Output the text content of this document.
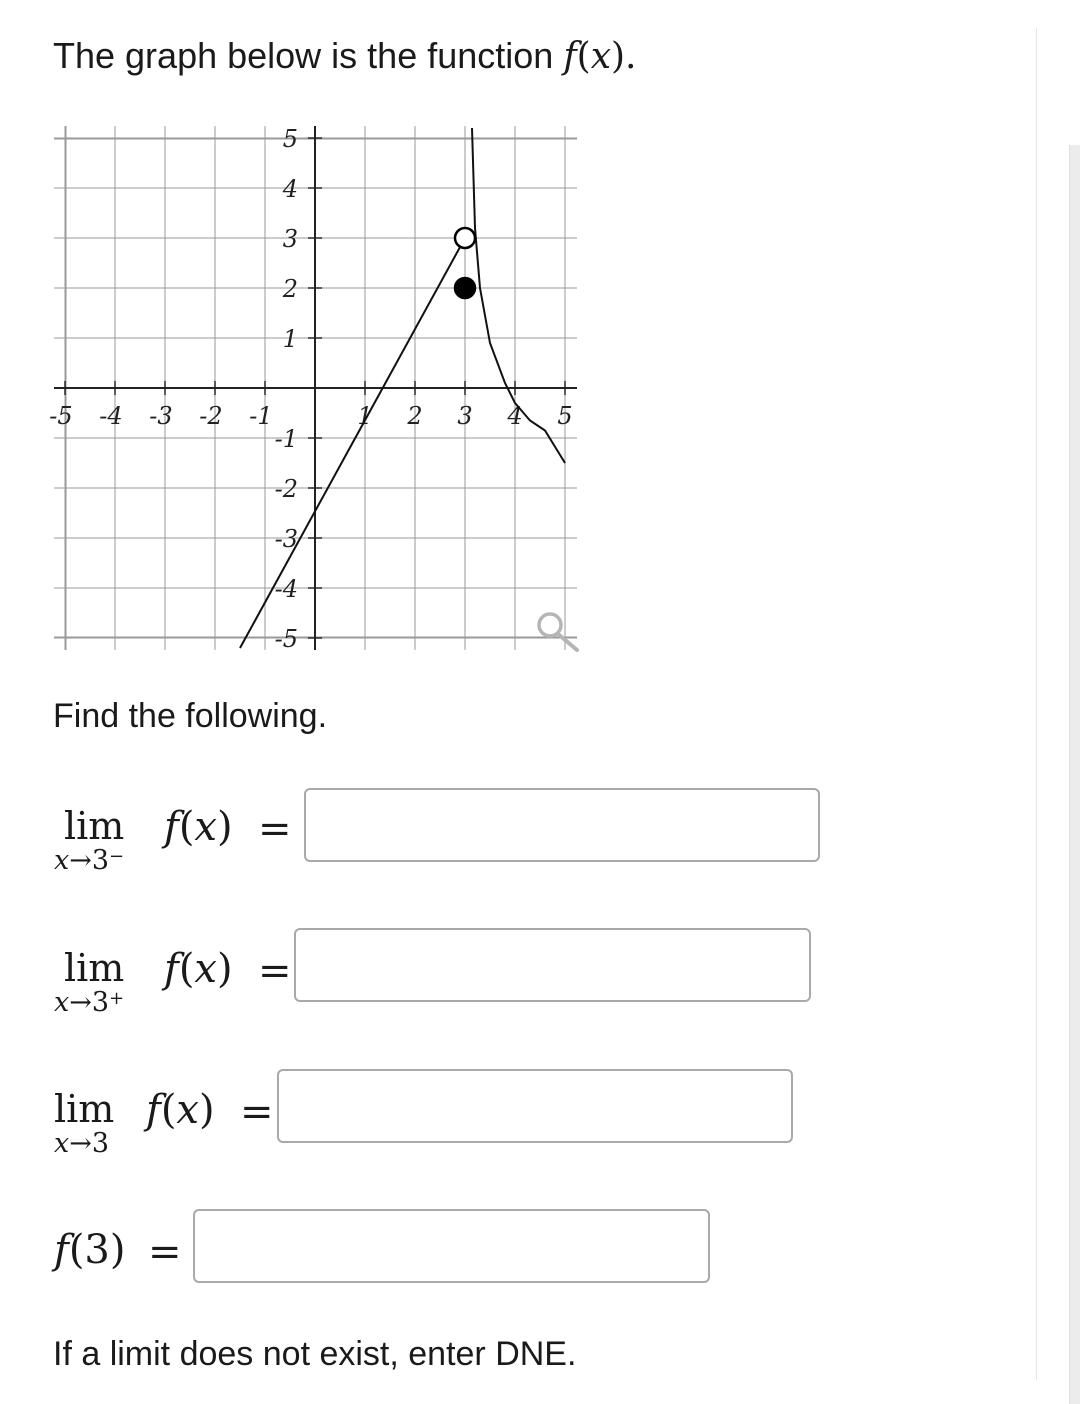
The graph below is the function f(x).
-5 -4 -3 -2 -1	1 2 3 4 5
5
4
3
2
1
-1
-2
-3
-4
-5
Find the following.
lim
x→3−
f(x) =
lim
x→3+
f(x) =
lim
x→3
f(x) =
f(3) =
If a limit does not exist, enter DNE.
